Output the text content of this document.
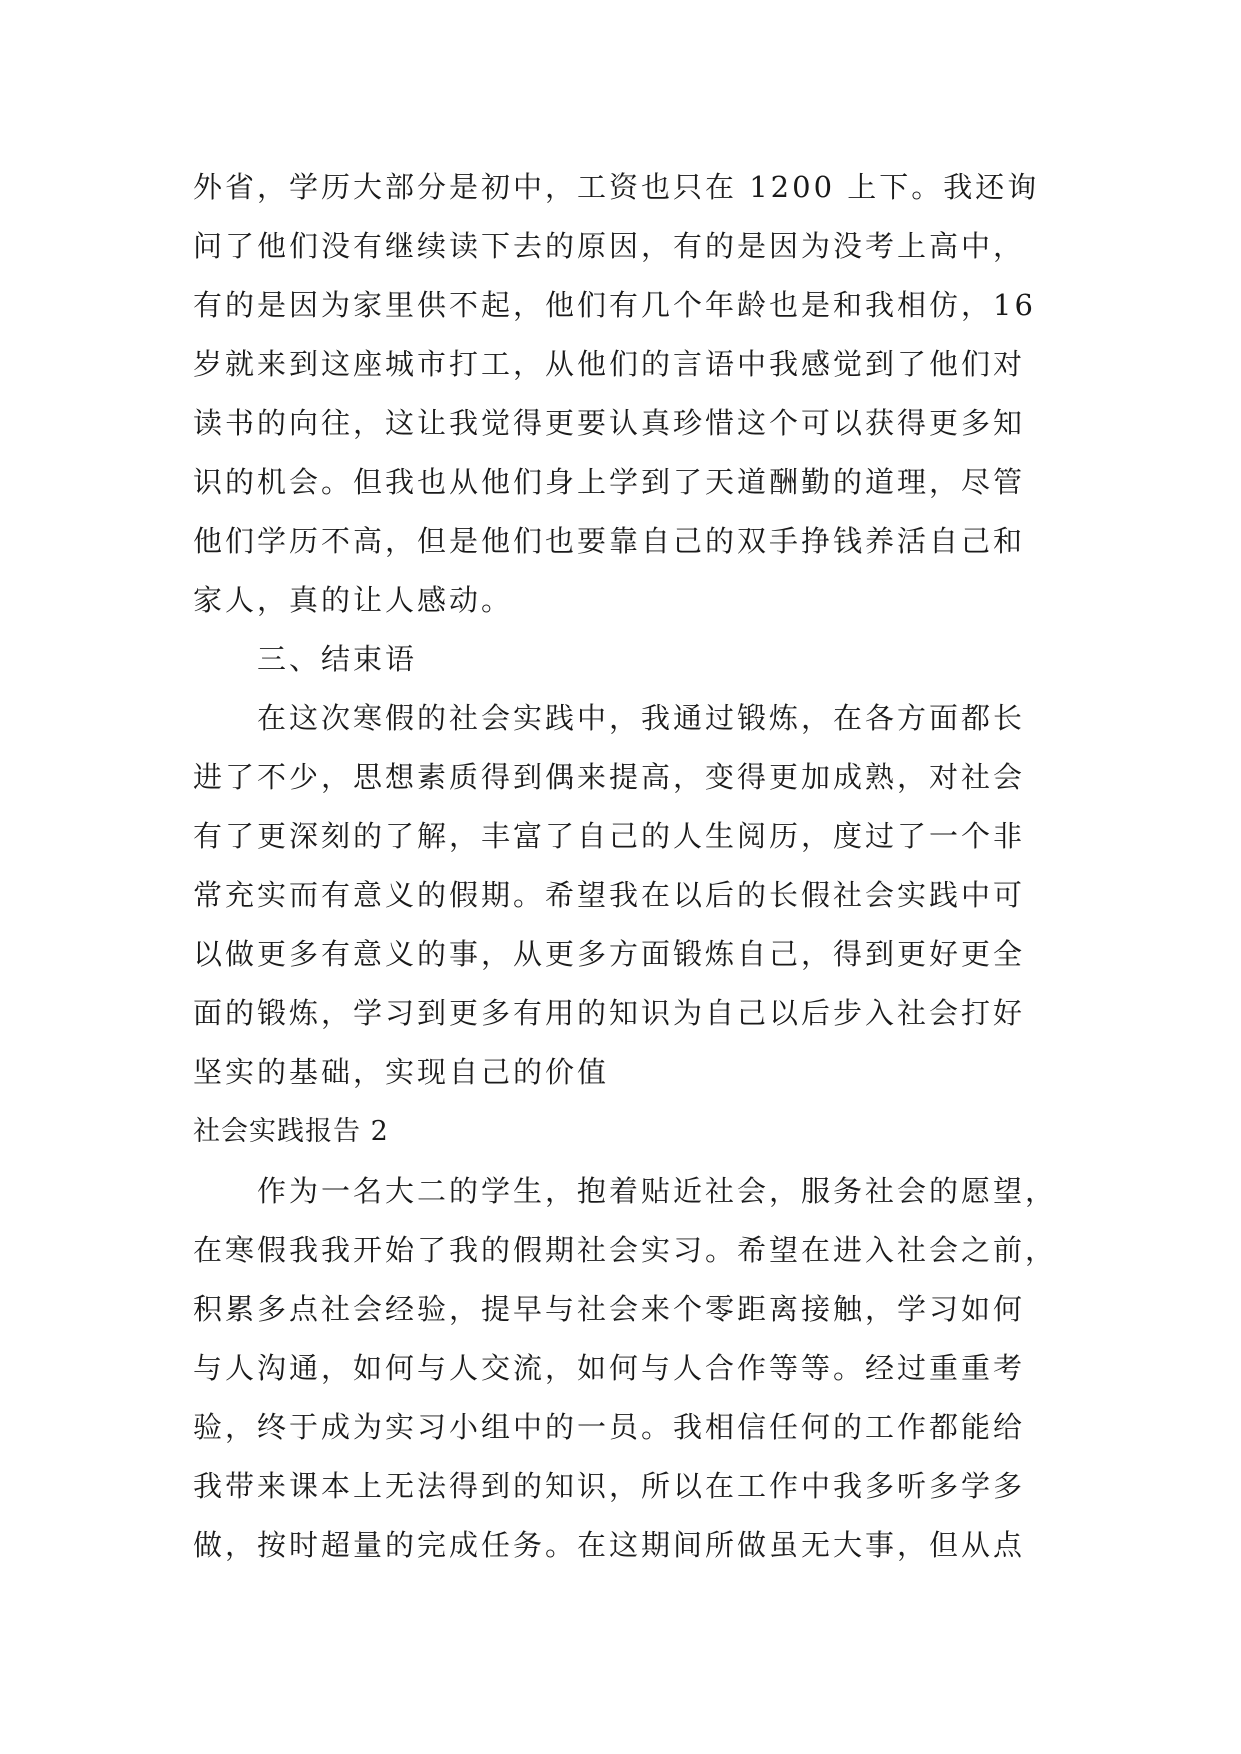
外省，学历大部分是初中，工资也只在 1200 上下。我还询
问了他们没有继续读下去的原因，有的是因为没考上高中，
有的是因为家里供不起，他们有几个年龄也是和我相仿，16
岁就来到这座城市打工，从他们的言语中我感觉到了他们对
读书的向往，这让我觉得更要认真珍惜这个可以获得更多知
识的机会。但我也从他们身上学到了天道酬勤的道理，尽管
他们学历不高，但是他们也要靠自己的双手挣钱养活自己和
家人，真的让人感动。
　　三、结束语
　　在这次寒假的社会实践中，我通过锻炼，在各方面都长
进了不少，思想素质得到偶来提高，变得更加成熟，对社会
有了更深刻的了解，丰富了自己的人生阅历，度过了一个非
常充实而有意义的假期。希望我在以后的长假社会实践中可
以做更多有意义的事，从更多方面锻炼自己，得到更好更全
面的锻炼，学习到更多有用的知识为自己以后步入社会打好
坚实的基础，实现自己的价值
社会实践报告 2
　　作为一名大二的学生，抱着贴近社会，服务社会的愿望，
在寒假我我开始了我的假期社会实习。希望在进入社会之前，
积累多点社会经验，提早与社会来个零距离接触，学习如何
与人沟通，如何与人交流，如何与人合作等等。经过重重考
验，终于成为实习小组中的一员。我相信任何的工作都能给
我带来课本上无法得到的知识，所以在工作中我多听多学多
做，按时超量的完成任务。在这期间所做虽无大事，但从点
